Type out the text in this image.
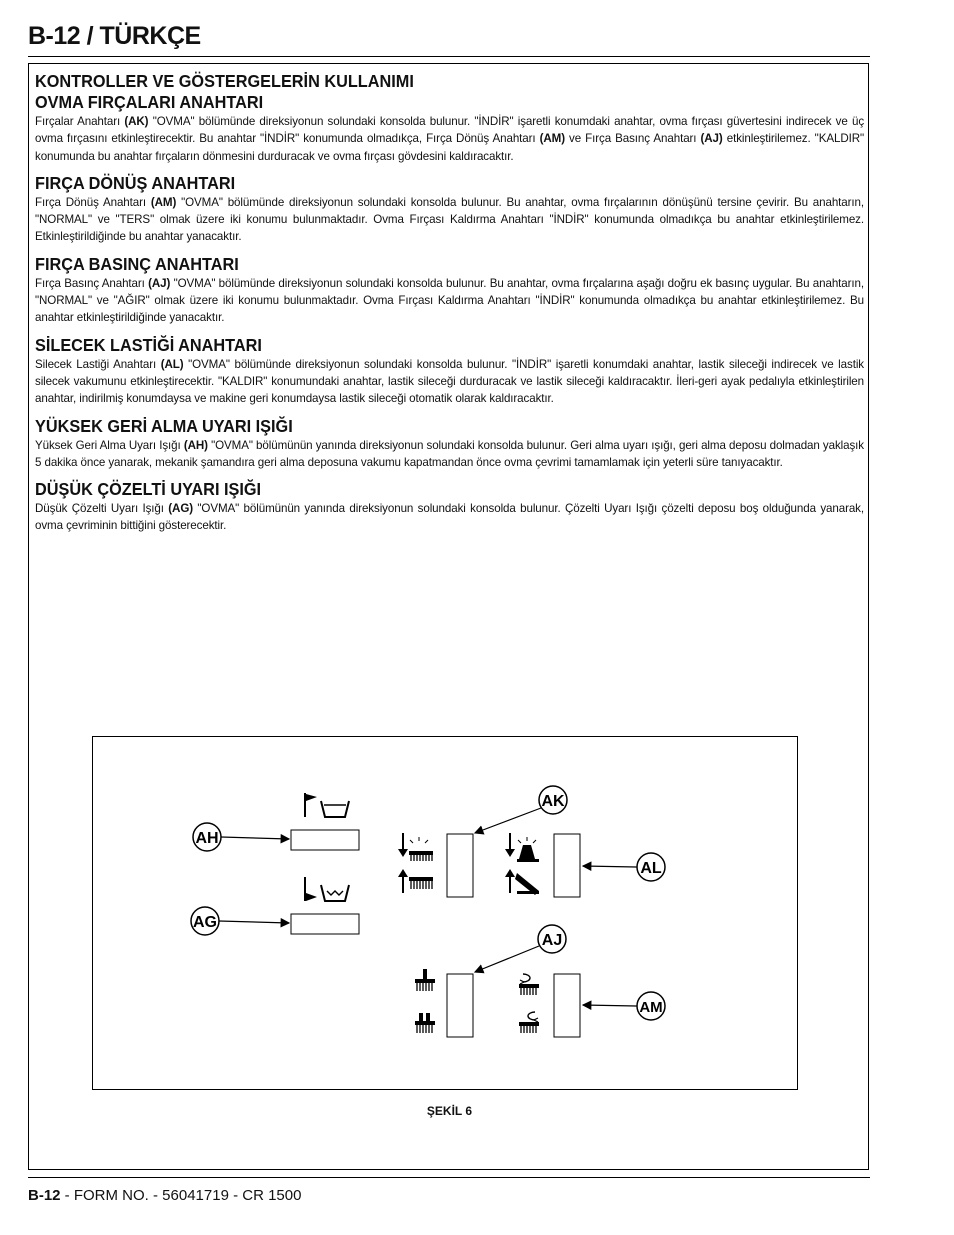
B-12 / TÜRKÇE
KONTROLLER VE GÖSTERGELERİN KULLANIMI
OVMA FIRÇALARI ANAHTARI

Fırçalar Anahtarı (AK) "OVMA" bölümünde direksiyonun solundaki konsolda bulunur. "İNDİR" işaretli konumdaki anahtar, ovma fırçası güvertesini indirecek ve üç ovma fırçasını etkinleştirecektir. Bu anahtar "İNDİR" konumunda olmadıkça, Fırça Dönüş Anahtarı (AM) ve Fırça Basınç Anahtarı (AJ) etkinleştirilemez. "KALDIR" konumunda bu anahtar fırçaların dönmesini durduracak ve ovma fırçası gövdesini kaldıracaktır.

FIRÇA DÖNÜŞ ANAHTARI

Fırça Dönüş Anahtarı (AM) "OVMA" bölümünde direksiyonun solundaki konsolda bulunur. Bu anahtar, ovma fırçalarının dönüşünü tersine çevirir. Bu anahtarın, "NORMAL" ve "TERS" olmak üzere iki konumu bulunmaktadır. Ovma Fırçası Kaldırma Anahtarı "İNDİR" konumunda olmadıkça bu anahtar etkinleştirilemez. Etkinleştirildiğinde bu anahtar yanacaktır.

FIRÇA BASINÇ ANAHTARI

Fırça Basınç Anahtarı (AJ) "OVMA" bölümünde direksiyonun solundaki konsolda bulunur. Bu anahtar, ovma fırçalarına aşağı doğru ek basınç uygular. Bu anahtarın, "NORMAL" ve "AĞIR" olmak üzere iki konumu bulunmaktadır. Ovma Fırçası Kaldırma Anahtarı "İNDİR" konumunda olmadıkça bu anahtar etkinleştirilemez. Bu anahtar etkinleştirildiğinde yanacaktır.

SİLECEK LASTİĞİ ANAHTARI

Silecek Lastiği Anahtarı (AL) "OVMA" bölümünde direksiyonun solundaki konsolda bulunur. "İNDİR" işaretli konumdaki anahtar, lastik sileceği indirecek ve lastik silecek vakumunu etkinleştirecektir. "KALDIR" konumundaki anahtar, lastik sileceği durduracak ve lastik sileceği kaldıracaktır. İleri-geri ayak pedalıyla etkinleştirilen anahtar, indirilmiş konumdaysa ve makine geri konumdaysa lastik sileceği otomatik olarak kaldıracaktır.

YÜKSEK GERİ ALMA UYARI IŞIĞI

Yüksek Geri Alma Uyarı Işığı (AH) "OVMA" bölümünün yanında direksiyonun solundaki konsolda bulunur. Geri alma uyarı ışığı, geri alma deposu dolmadan yaklaşık 5 dakika önce yanarak, mekanik şamandıra geri alma deposuna vakumu kapatmandan önce ovma çevrimi tamamlamak için yeterli süre tanıyacaktır.

DÜŞÜK ÇÖZELTİ UYARI IŞIĞI

Düşük Çözelti Uyarı Işığı (AG) "OVMA" bölümünün yanında direksiyonun solundaki konsolda bulunur. Çözelti Uyarı Işığı çözelti deposu boş olduğunda yanarak, ovma çevriminin bittiğini gösterecektir.

AH
AG
AK
AL
AJ
AM
ŞEKİL 6
B-12 - FORM NO. - 56041719 - CR 1500
